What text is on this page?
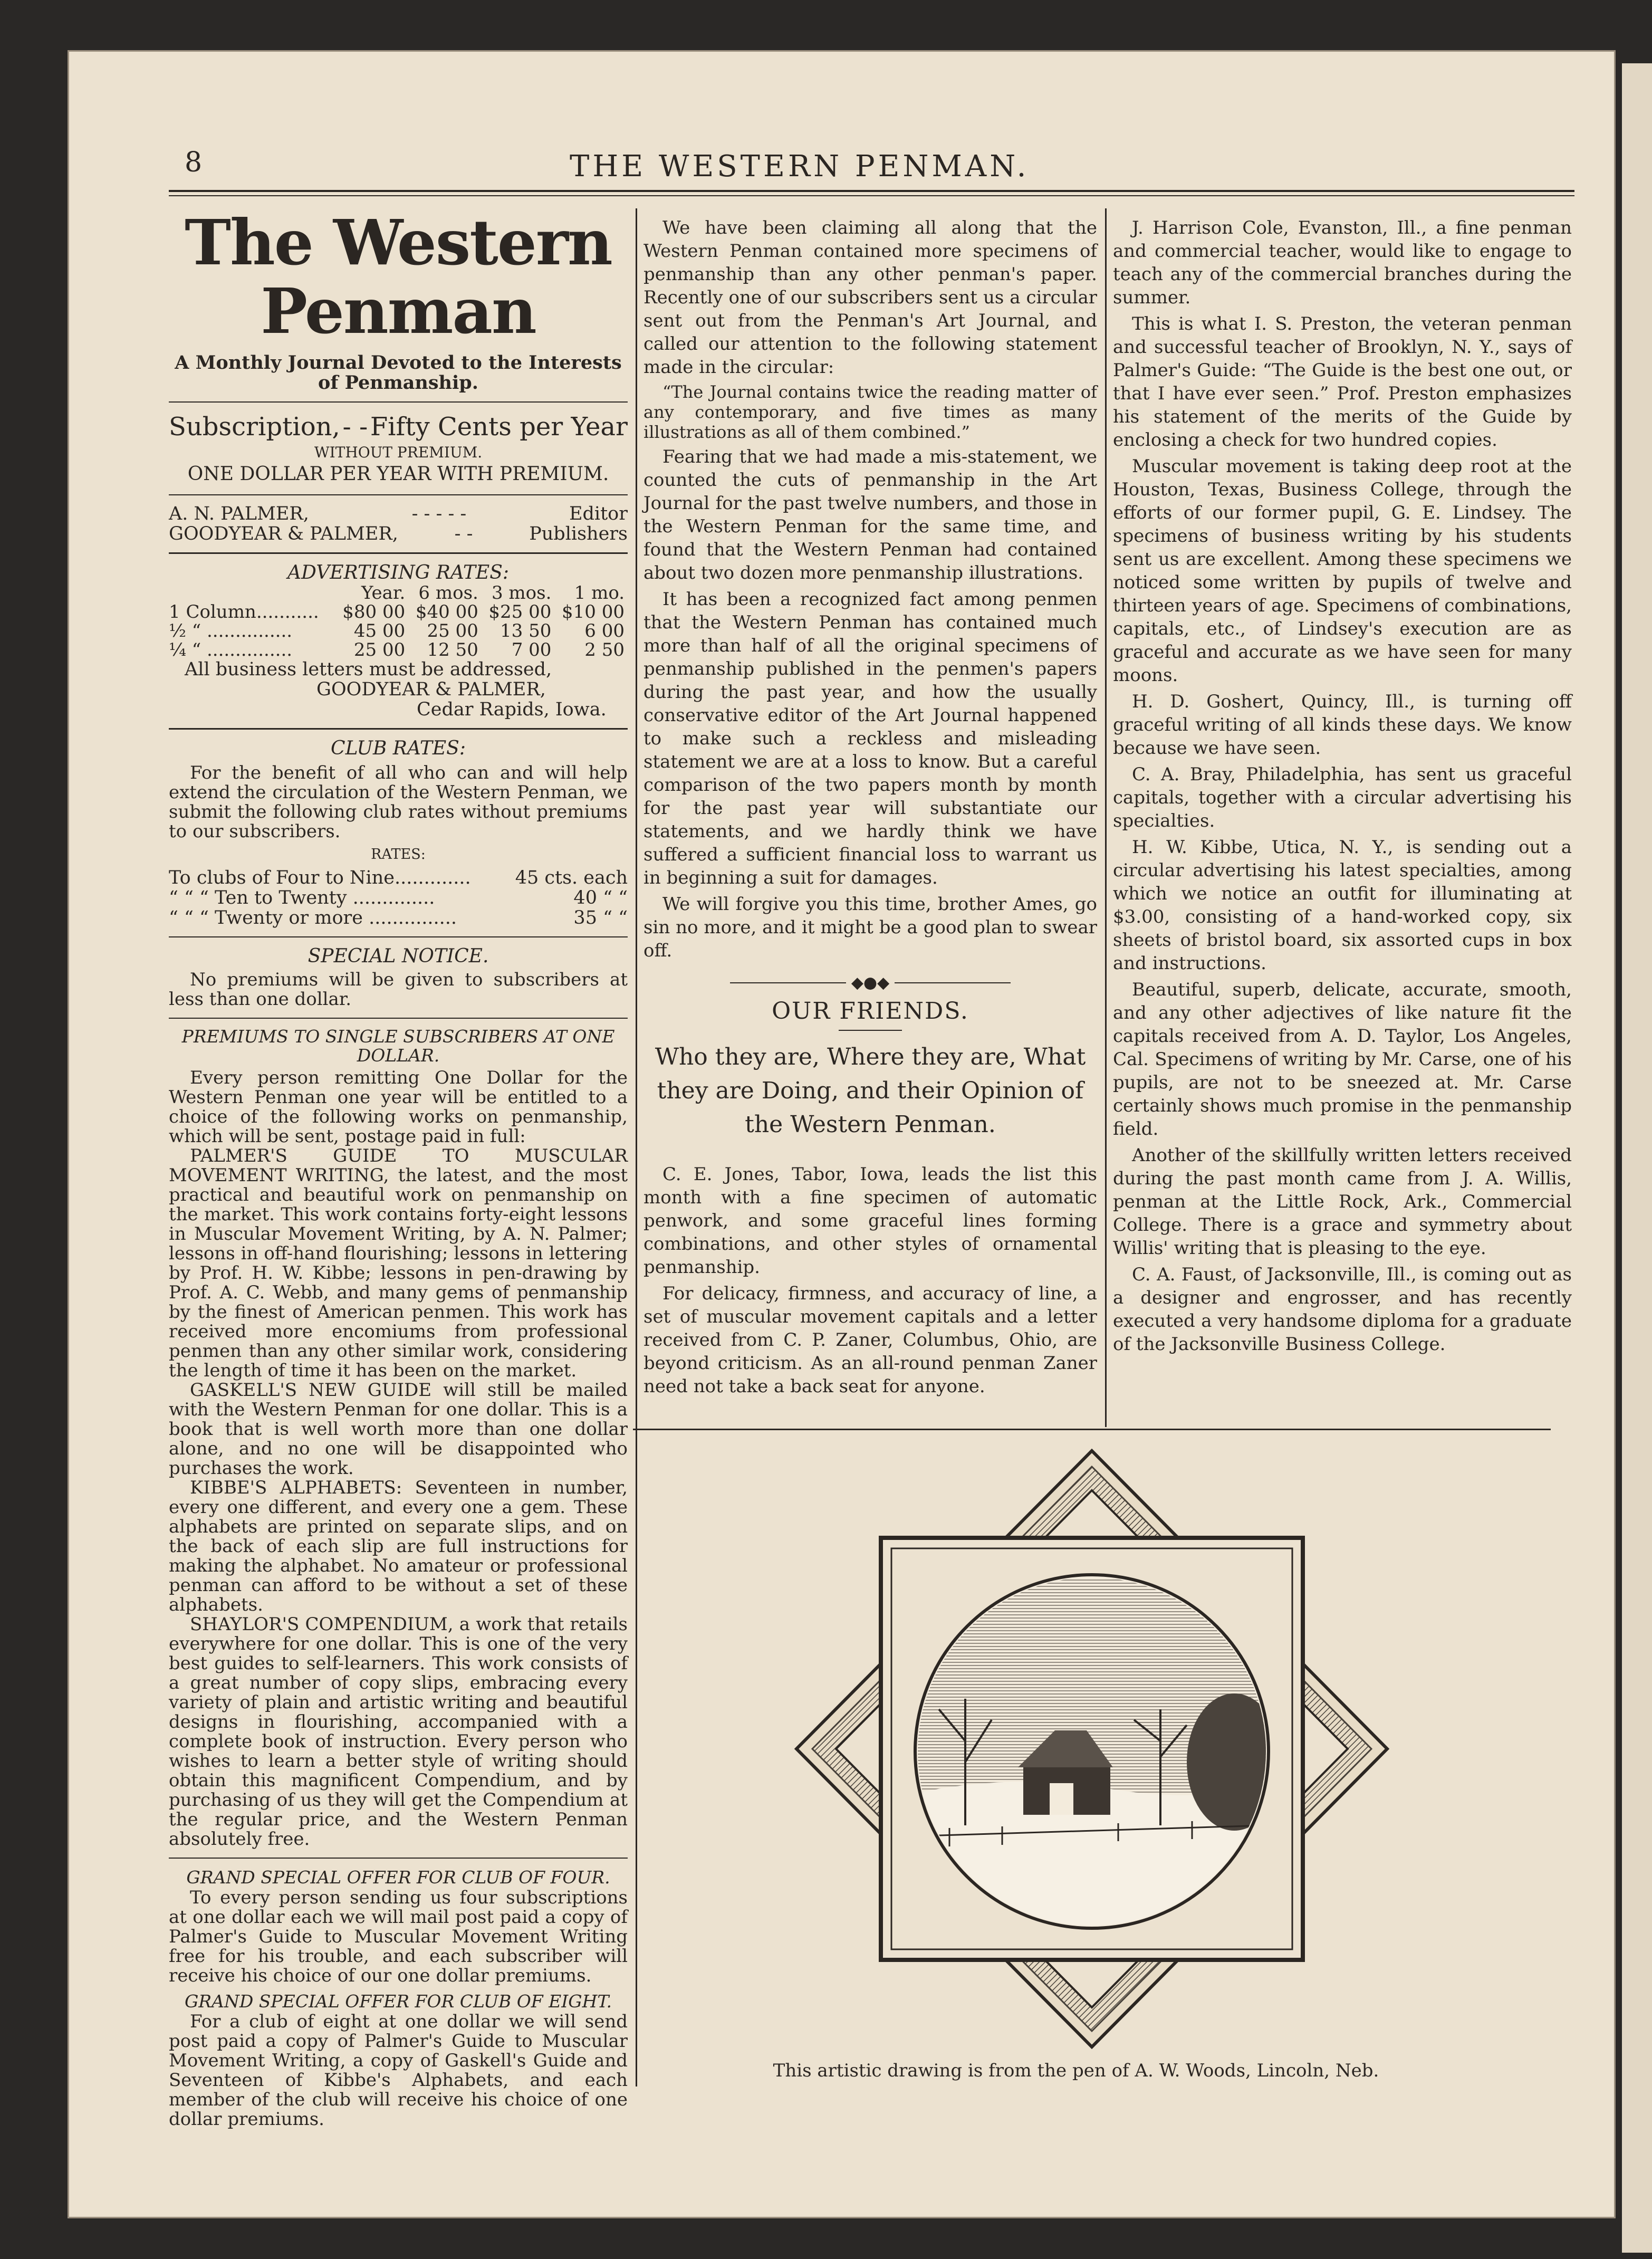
8	THE WESTERN PENMAN.
The Western Penman
A Monthly Journal Devoted to the Interests of Penmanship.
Subscription, - - Fifty Cents per Year
WITHOUT PREMIUM.
ONE DOLLAR PER YEAR WITH PREMIUM.
A. N. PALMER,	- - - - -	Editor
GOODYEAR & PALMER,	- -	Publishers

ADVERTISING RATES:

	Year.	6 mos.	3 mos.	1 mo.
1 Column...........	$80 00	$40 00	$25 00	$10 00
½ “ ...............	45 00	25 00	13 50	6 00
¼ “ ...............	25 00	12 50	7 00	2 50
All business letters must be addressed,
GOODYEAR & PALMER,
Cedar Rapids, Iowa.

CLUB RATES:

For the benefit of all who can and will help extend the circulation of the Western Penman, we submit the following club rates without premiums to our subscribers.

RATES:
To clubs of Four to Nine............. 45 cts. each
“ “ “ Ten to Twenty ..............	40 “ “
“ “ “ Twenty or more ...............	35 “ “

SPECIAL NOTICE.

No premiums will be given to subscribers at less than one dollar.

PREMIUMS TO SINGLE SUBSCRIBERS AT ONE DOLLAR.

Every person remitting One Dollar for the Western Penman one year will be entitled to a choice of the following works on penmanship, which will be sent, postage paid in full:

PALMER'S GUIDE TO MUSCULAR MOVEMENT WRITING, the latest, and the most practical and beautiful work on penmanship on the market. This work contains forty-eight lessons in Muscular Movement Writing, by A. N. Palmer; lessons in off-hand flourishing; lessons in lettering by Prof. H. W. Kibbe; lessons in pen-drawing by Prof. A. C. Webb, and many gems of penmanship by the finest of American penmen. This work has received more encomiums from professional penmen than any other similar work, considering the length of time it has been on the market.

GASKELL'S NEW GUIDE will still be mailed with the Western Penman for one dollar. This is a book that is well worth more than one dollar alone, and no one will be disappointed who purchases the work.

KIBBE'S ALPHABETS: Seventeen in number, every one different, and every one a gem. These alphabets are printed on separate slips, and on the back of each slip are full instructions for making the alphabet. No amateur or professional penman can afford to be without a set of these alphabets.

SHAYLOR'S COMPENDIUM, a work that retails everywhere for one dollar. This is one of the very best guides to self-learners. This work consists of a great number of copy slips, embracing every variety of plain and artistic writing and beautiful designs in flourishing, accompanied with a complete book of instruction. Every person who wishes to learn a better style of writing should obtain this magnificent Compendium, and by purchasing of us they will get the Compendium at the regular price, and the Western Penman absolutely free.

GRAND SPECIAL OFFER FOR CLUB OF FOUR.

To every person sending us four subscriptions at one dollar each we will mail post paid a copy of Palmer's Guide to Muscular Movement Writing free for his trouble, and each subscriber will receive his choice of our one dollar premiums.

GRAND SPECIAL OFFER FOR CLUB OF EIGHT.

For a club of eight at one dollar we will send post paid a copy of Palmer's Guide to Muscular Movement Writing, a copy of Gaskell's Guide and Seventeen of Kibbe's Alphabets, and each member of the club will receive his choice of one dollar premiums.

We have been claiming all along that the Western Penman contained more specimens of penmanship than any other penman's paper. Recently one of our subscribers sent us a circular sent out from the Penman's Art Journal, and called our attention to the following statement made in the circular:

“The Journal contains twice the reading matter of any contemporary, and five times as many illustrations as all of them combined.”

Fearing that we had made a mis-statement, we counted the cuts of penmanship in the Art Journal for the past twelve numbers, and those in the Western Penman for the same time, and found that the Western Penman had contained about two dozen more penmanship illustrations.

It has been a recognized fact among penmen that the Western Penman has contained much more than half of all the original specimens of penmanship published in the penmen's papers during the past year, and how the usually conservative editor of the Art Journal happened to make such a reckless and misleading statement we are at a loss to know. But a careful comparison of the two papers month by month for the past year will substantiate our statements, and we hardly think we have suffered a sufficient financial loss to warrant us in beginning a suit for damages.

We will forgive you this time, brother Ames, go sin no more, and it might be a good plan to swear off.

◆●◆
OUR FRIENDS.
Who they are, Where they are, What they are Doing, and their Opinion of the Western Penman.

C. E. Jones, Tabor, Iowa, leads the list this month with a fine specimen of automatic penwork, and some graceful lines forming combinations, and other styles of ornamental penmanship.

For delicacy, firmness, and accuracy of line, a set of muscular movement capitals and a letter received from C. P. Zaner, Columbus, Ohio, are beyond criticism. As an all-round penman Zaner need not take a back seat for anyone.

J. Harrison Cole, Evanston, Ill., a fine penman and commercial teacher, would like to engage to teach any of the commercial branches during the summer.

This is what I. S. Preston, the veteran penman and successful teacher of Brooklyn, N. Y., says of Palmer's Guide: “The Guide is the best one out, or that I have ever seen.” Prof. Preston emphasizes his statement of the merits of the Guide by enclosing a check for two hundred copies.

Muscular movement is taking deep root at the Houston, Texas, Business College, through the efforts of our former pupil, G. E. Lindsey. The specimens of business writing by his students sent us are excellent. Among these specimens we noticed some written by pupils of twelve and thirteen years of age. Specimens of combinations, capitals, etc., of Lindsey's execution are as graceful and accurate as we have seen for many moons.

H. D. Goshert, Quincy, Ill., is turning off graceful writing of all kinds these days. We know because we have seen.

C. A. Bray, Philadelphia, has sent us graceful capitals, together with a circular advertising his specialties.

H. W. Kibbe, Utica, N. Y., is sending out a circular advertising his latest specialties, among which we notice an outfit for illuminating at $3.00, consisting of a hand-worked copy, six sheets of bristol board, six assorted cups in box and instructions.

Beautiful, superb, delicate, accurate, smooth, and any other adjectives of like nature fit the capitals received from A. D. Taylor, Los Angeles, Cal. Specimens of writing by Mr. Carse, one of his pupils, are not to be sneezed at. Mr. Carse certainly shows much promise in the penmanship field.

Another of the skillfully written letters received during the past month came from J. A. Willis, penman at the Little Rock, Ark., Commercial College. There is a grace and symmetry about Willis' writing that is pleasing to the eye.

C. A. Faust, of Jacksonville, Ill., is coming out as a designer and engrosser, and has recently executed a very handsome diploma for a graduate of the Jacksonville Business College.

This artistic drawing is from the pen of A. W. Woods, Lincoln, Neb.
